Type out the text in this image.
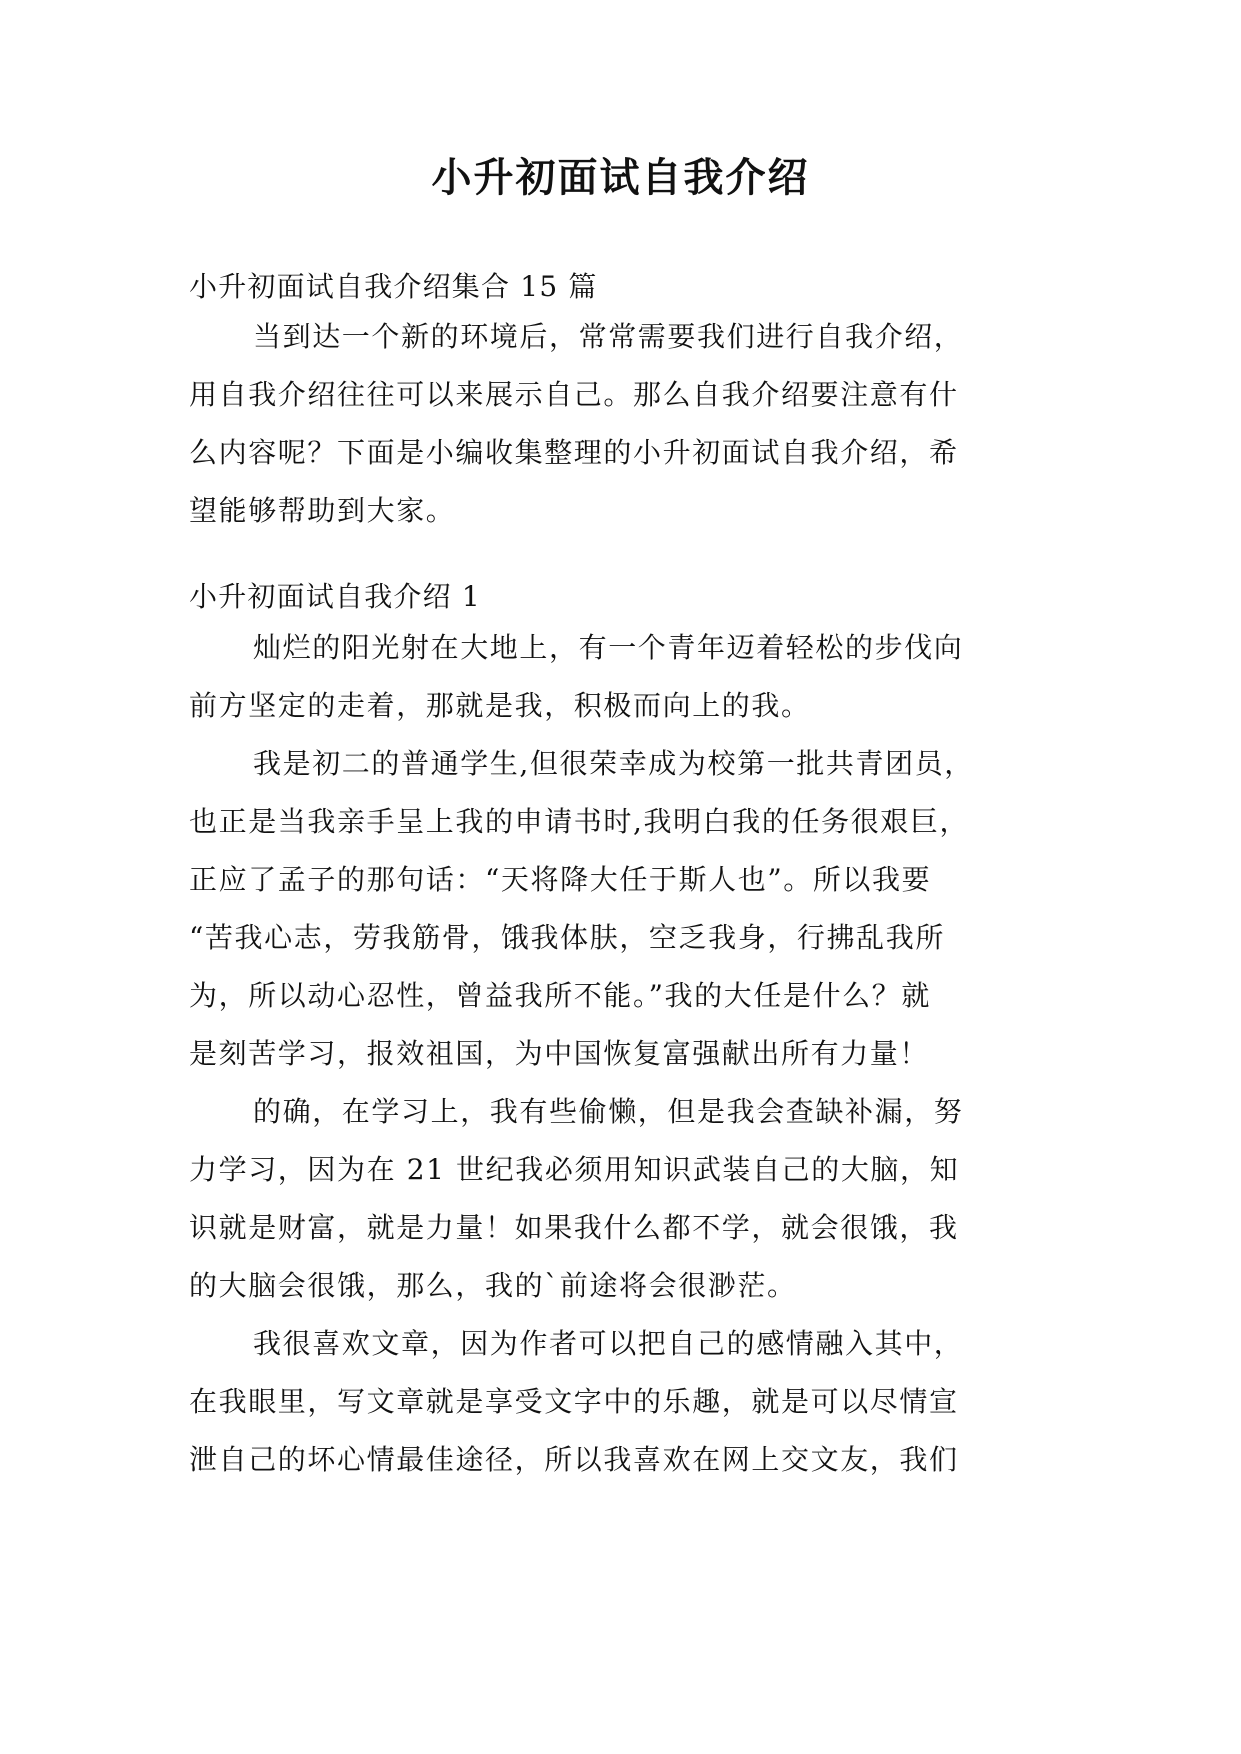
小升初面试自我介绍
小升初面试自我介绍集合 15 篇

当到达一个新的环境后，常常需要我们进行自我介绍，
用自我介绍往往可以来展示自己。那么自我介绍要注意有什
么内容呢？下面是小编收集整理的小升初面试自我介绍，希
望能够帮助到大家。

小升初面试自我介绍 1

灿烂的阳光射在大地上，有一个青年迈着轻松的步伐向
前方坚定的走着，那就是我，积极而向上的我。

我是初二的普通学生,但很荣幸成为校第一批共青团员，
也正是当我亲手呈上我的申请书时,我明白我的任务很艰巨，
正应了孟子的那句话：“天将降大任于斯人也”。所以我要
“苦我心志，劳我筋骨，饿我体肤，空乏我身，行拂乱我所
为，所以动心忍性，曾益我所不能。”我的大任是什么？就
是刻苦学习，报效祖国，为中国恢复富强献出所有力量！

的确，在学习上，我有些偷懒，但是我会查缺补漏，努
力学习，因为在 21 世纪我必须用知识武装自己的大脑，知
识就是财富，就是力量！如果我什么都不学，就会很饿，我
的大脑会很饿，那么，我的`前途将会很渺茫。

我很喜欢文章，因为作者可以把自己的感情融入其中，
在我眼里，写文章就是享受文字中的乐趣，就是可以尽情宣
泄自己的坏心情最佳途径，所以我喜欢在网上交文友，我们
